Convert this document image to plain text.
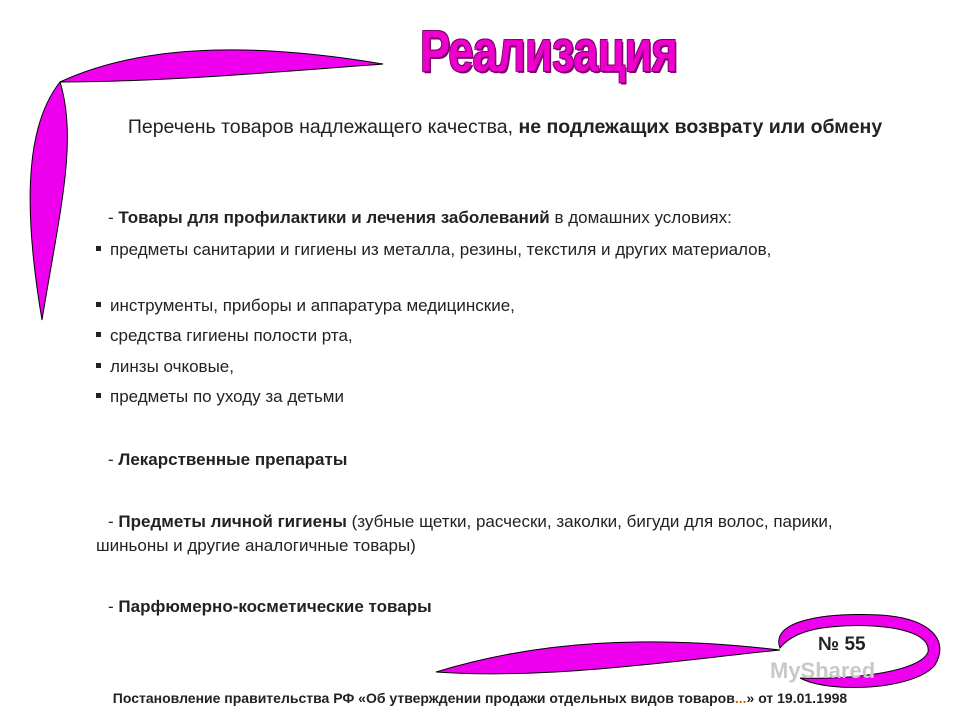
Реализация
Перечень товаров надлежащего качества, не подлежащих возврату или обмену
- Товары для профилактики и лечения заболеваний в домашних условиях:
предметы санитарии и гигиены из металла, резины, текстиля и других материалов,
инструменты, приборы и аппаратура медицинские,
средства гигиены полости рта,
линзы очковые,
предметы по уходу за детьми
- Лекарственные препараты
- Предметы личной гигиены (зубные щетки, расчески, заколки, бигуди для волос, парики, шиньоны и другие аналогичные товары)
- Парфюмерно-косметические товары
№ 55
MyShared
Постановление правительства РФ «Об утверждении продажи отдельных видов товаров...» от 19.01.1998
